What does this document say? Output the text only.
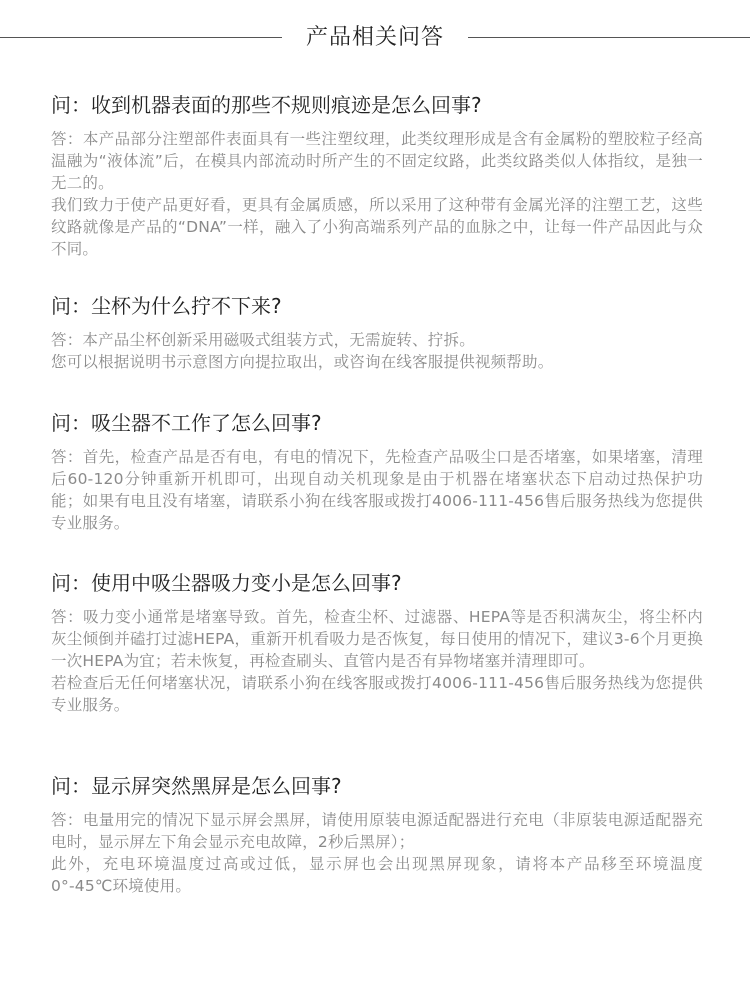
产品相关问答
问：收到机器表面的那些不规则痕迹是怎么回事?

答：本产品部分注塑部件表面具有一些注塑纹理，此类纹理形成是含有金属粉的塑胶粒子经高温融为“液体流”后，在模具内部流动时所产生的不固定纹路，此类纹路类似人体指纹，是独一无二的。

我们致力于使产品更好看，更具有金属质感，所以采用了这种带有金属光泽的注塑工艺，这些纹路就像是产品的“DNA”一样，融入了小狗高端系列产品的血脉之中，让每一件产品因此与众不同。

问：尘杯为什么拧不下来?

答：本产品尘杯创新采用磁吸式组装方式，无需旋转、拧拆。

您可以根据说明书示意图方向提拉取出，或咨询在线客服提供视频帮助。

问：吸尘器不工作了怎么回事?

答：首先，检查产品是否有电，有电的情况下，先检查产品吸尘口是否堵塞，如果堵塞，清理后60-120分钟重新开机即可，出现自动关机现象是由于机器在堵塞状态下启动过热保护功能；如果有电且没有堵塞，请联系小狗在线客服或拨打4006-111-456售后服务热线为您提供专业服务。

问：使用中吸尘器吸力变小是怎么回事?

答：吸力变小通常是堵塞导致。首先，检查尘杯、过滤器、HEPA等是否积满灰尘，将尘杯内灰尘倾倒并磕打过滤HEPA，重新开机看吸力是否恢复，每日使用的情况下，建议3-6个月更换一次HEPA为宜；若未恢复，再检查刷头、直管内是否有异物堵塞并清理即可。

若检查后无任何堵塞状况，请联系小狗在线客服或拨打4006-111-456售后服务热线为您提供专业服务。

问：显示屏突然黑屏是怎么回事?

答：电量用完的情况下显示屏会黑屏，请使用原装电源适配器进行充电（非原装电源适配器充电时，显示屏左下角会显示充电故障，2秒后黑屏）；

此外，充电环境温度过高或过低，显示屏也会出现黑屏现象，请将本产品移至环境温度0°-45℃环境使用。
